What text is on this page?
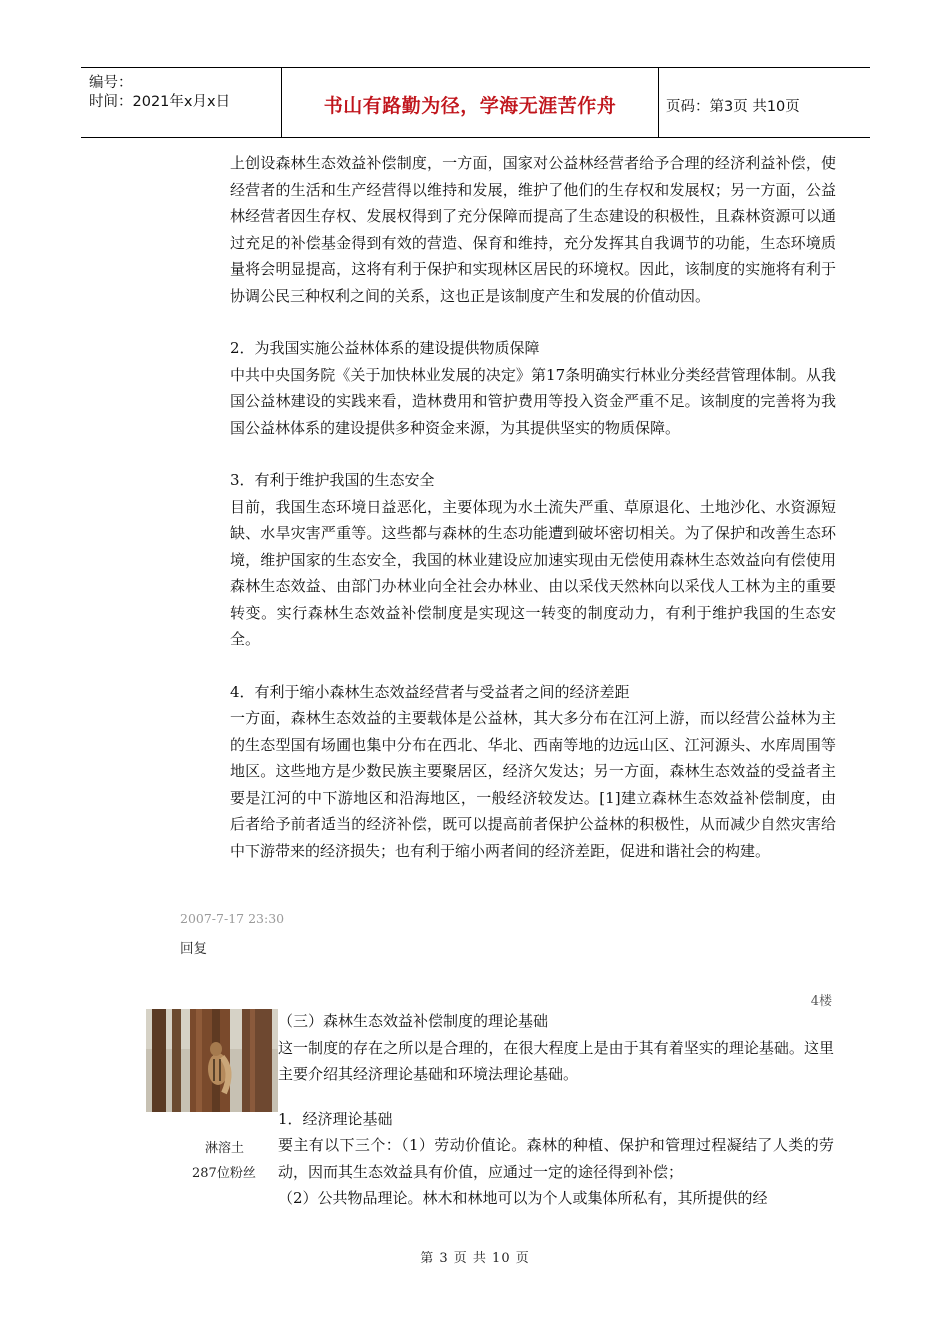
编号：
时间：2021年x月x日	书山有路勤为径，学海无涯苦作舟	页码：第3页 共10页

上创设森林生态效益补偿制度，一方面，国家对公益林经营者给予合理的经济利益补偿，使经营者的生活和生产经营得以维持和发展，维护了他们的生存权和发展权；另一方面，公益林经营者因生存权、发展权得到了充分保障而提高了生态建设的积极性，且森林资源可以通过充足的补偿基金得到有效的营造、保育和维持，充分发挥其自我调节的功能，生态环境质量将会明显提高，这将有利于保护和实现林区居民的环境权。因此，该制度的实施将有利于协调公民三种权利之间的关系，这也正是该制度产生和发展的价值动因。

2．为我国实施公益林体系的建设提供物质保障

中共中央国务院《关于加快林业发展的决定》第17条明确实行林业分类经营管理体制。从我国公益林建设的实践来看，造林费用和管护费用等投入资金严重不足。该制度的完善将为我国公益林体系的建设提供多种资金来源，为其提供坚实的物质保障。

3．有利于维护我国的生态安全

目前，我国生态环境日益恶化，主要体现为水土流失严重、草原退化、土地沙化、水资源短缺、水旱灾害严重等。这些都与森林的生态功能遭到破坏密切相关。为了保护和改善生态环境，维护国家的生态安全，我国的林业建设应加速实现由无偿使用森林生态效益向有偿使用森林生态效益、由部门办林业向全社会办林业、由以采伐天然林向以采伐人工林为主的重要转变。实行森林生态效益补偿制度是实现这一转变的制度动力，有利于维护我国的生态安全。

4．有利于缩小森林生态效益经营者与受益者之间的经济差距

一方面，森林生态效益的主要载体是公益林，其大多分布在江河上游，而以经营公益林为主的生态型国有场圃也集中分布在西北、华北、西南等地的边远山区、江河源头、水库周围等地区。这些地方是少数民族主要聚居区，经济欠发达；另一方面，森林生态效益的受益者主要是江河的中下游地区和沿海地区，一般经济较发达。[1]建立森林生态效益补偿制度，由后者给予前者适当的经济补偿，既可以提高前者保护公益林的积极性，从而减少自然灾害给中下游带来的经济损失；也有利于缩小两者间的经济差距，促进和谐社会的构建。

2007-7-17 23:30
回复
4楼
淋溶土
287位粉丝

（三）森林生态效益补偿制度的理论基础

这一制度的存在之所以是合理的，在很大程度上是由于其有着坚实的理论基础。这里主要介绍其经济理论基础和环境法理论基础。

1．经济理论基础

要主有以下三个：（1）劳动价值论。森林的种植、保护和管理过程凝结了人类的劳动，因而其生态效益具有价值，应通过一定的途径得到补偿；

（2）公共物品理论。林木和林地可以为个人或集体所私有，其所提供的经

第 3 页 共 10 页
